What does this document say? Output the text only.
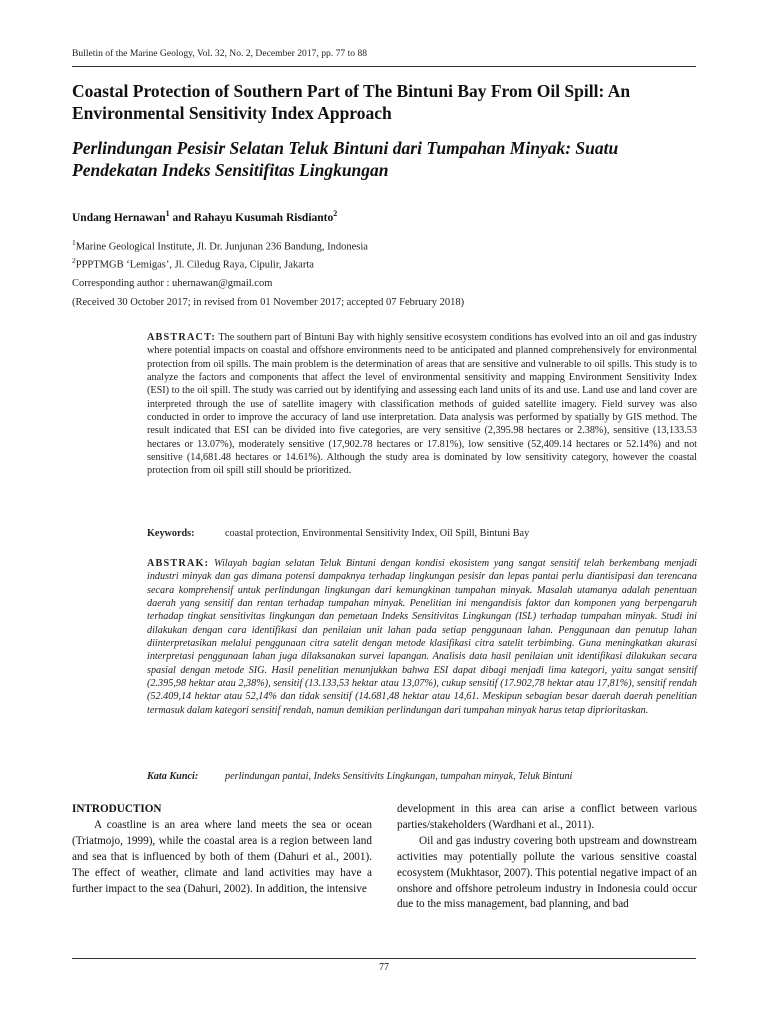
Bulletin of the Marine Geology, Vol. 32, No. 2, December 2017, pp. 77 to 88
Coastal Protection of Southern Part of The Bintuni Bay From Oil Spill: An Environmental Sensitivity Index Approach
Perlindungan Pesisir Selatan Teluk Bintuni dari Tumpahan Minyak: Suatu Pendekatan Indeks Sensitifitas Lingkungan
Undang Hernawan$^1$ and Rahayu Kusumah Risdianto$^2$
$^1$Marine Geological Institute, Jl. Dr. Junjunan 236 Bandung, Indonesia
$^2$PPPTMGB ‘Lemigas’, Jl. Ciledug Raya, Cipulir, Jakarta
Corresponding author : uhernawan@gmail.com
(Received 30 October 2017; in revised from 01 November 2017; accepted 07 February 2018)
ABSTRACT: The southern part of Bintuni Bay with highly sensitive ecosystem conditions has evolved into an oil and gas industry where potential impacts on coastal and offshore environments need to be anticipated and planned comprehensively for environmental protection from oil spills. The main problem is the determination of areas that are sensitive and vulnerable to oil spills. This study is to analyze the factors and components that affect the level of environmental sensitivity and mapping Environment Sensitivity Index (ESI) to the oil spill. The study was carried out by identifying and assessing each land units of its and use. Land use and land cover are interpreted through the use of satellite imagery with classification methods of guided satellite imagery. Field survey was also conducted in order to improve the accuracy of land use interpretation. Data analysis was performed by spatially by GIS method. The result indicated that ESI can be divided into five categories, are very sensitive (2,395.98 hectares or 2.38%), sensitive (13,133.53 hectares or 13.07%), moderately sensitive (17,902.78 hectares or 17.81%), low sensitive (52,409.14 hectares or 52.14%) and not sensitive (14,681.48 hectares or 14.61%). Although the study area is dominated by low sensitivity category, however the coastal protection from oil spill still should be prioritized.
Keywords:	coastal protection, Environmental Sensitivity Index, Oil Spill, Bintuni Bay
ABSTRAK: Wilayah bagian selatan Teluk Bintuni dengan kondisi ekosistem yang sangat sensitif telah berkembang menjadi industri minyak dan gas dimana potensi dampaknya terhadap lingkungan pesisir dan lepas pantai perlu diantisipasi dan terencana secara komprehensif untuk perlindungan lingkungan dari kemungkinan tumpahan minyak. Masalah utamanya adalah penentuan daerah yang sensitif dan rentan terhadap tumpahan minyak. Penelitian ini mengandisis faktor dan komponen yang berpengaruh terhadap tingkat sensitivitas lingkungan dan pemetaan Indeks Sensitivitas Lingkungan (ISL) terhadap tumpahan minyak. Studi ini dilakukan dengan cara identifikasi dan penilaian unit lahan pada setiap penggunaan lahan. Penggunaan dan penutup lahan diinterpretasikan melalui penggunaan citra satelit dengan metode klasifikasi citra satelit terbimbing. Guna meningkatkan akurasi interpretasi penggunaan lahan juga dilaksanakan survei lapangan. Analisis data hasil penilaian unit identifikasi dilakukan secara spasial dengan metode SIG. Hasil penelitian menunjukkan bahwa ESI dapat dibagi menjadi lima kategori, yaitu sangat sensitif (2.395,98 hektar atau 2,38%), sensitif (13.133,53 hektar atau 13,07%), cukup sensitif (17.902,78 hektar atau 17,81%), sensitif rendah (52.409,14 hektar atau 52,14% dan tidak sensitif (14.681,48 hektar atau 14,61. Meskipun sebagian besar daerah daerah penelitian termasuk dalam kategori sensitif rendah, namun demikian perlindungan dari tumpahan minyak harus tetap diprioritaskan.
Kata Kunci:	perlindungan pantai, Indeks Sensitivits Lingkungan, tumpahan minyak, Teluk Bintuni
INTRODUCTION

A coastline is an area where land meets the sea or ocean (Triatmojo, 1999), while the coastal area is a region between land and sea that is influenced by both of them (Dahuri et al., 2001). The effect of weather, climate and land activities may have a further impact to the sea (Dahuri, 2002). In addition, the intensive

development in this area can arise a conflict between various parties/stakeholders (Wardhani et al., 2011).

Oil and gas industry covering both upstream and downstream activities may potentially pollute the various sensitive coastal ecosystem (Mukhtasor, 2007). This potential negative impact of an onshore and offshore petroleum industry in Indonesia could occur due to the miss management, bad planning, and bad

77
